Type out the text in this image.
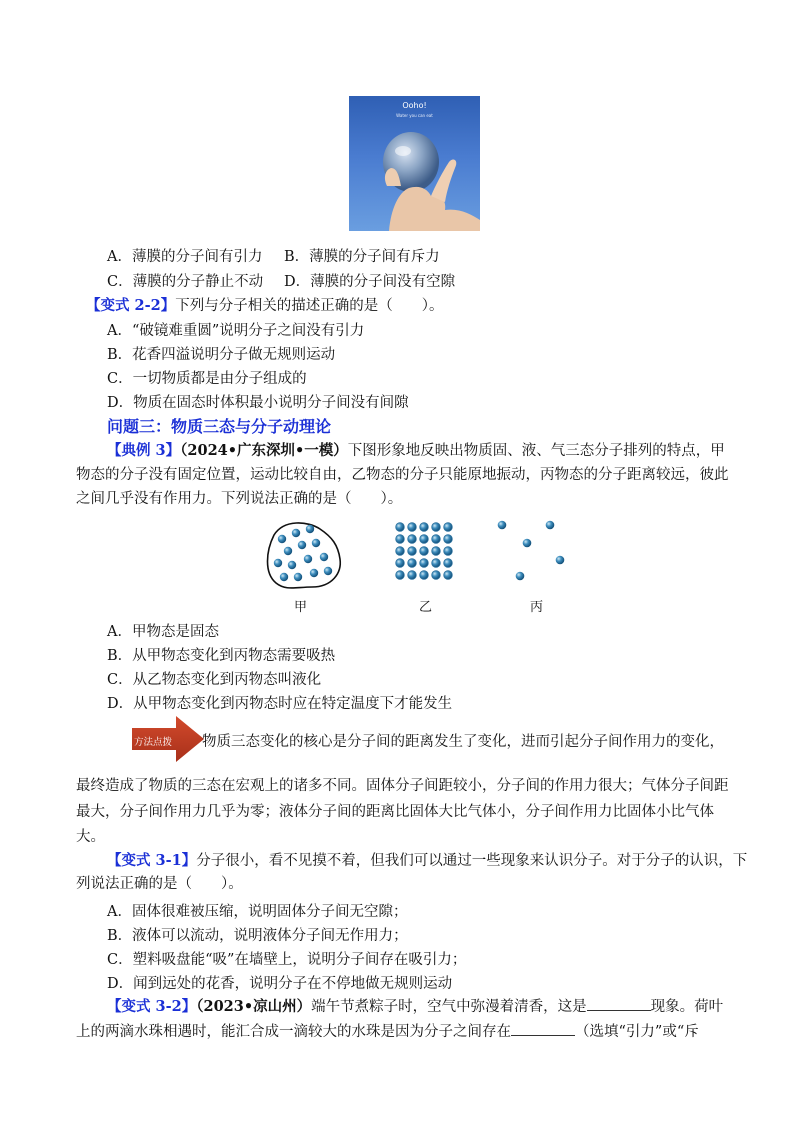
Ooho!
Water you can eat
A．薄膜的分子间有引力 B．薄膜的分子间有斥力
C．薄膜的分子静止不动 D．薄膜的分子间没有空隙
【变式 2-2】下列与分子相关的描述正确的是（　　）。
A．“破镜难重圆”说明分子之间没有引力
B．花香四溢说明分子做无规则运动
C．一切物质都是由分子组成的
D．物质在固态时体积最小说明分子间没有间隙
问题三：物质三态与分子动理论
【典例 3】（2024•广东深圳•一模）下图形象地反映出物质固、液、气三态分子排列的特点，甲
物态的分子没有固定位置，运动比较自由，乙物态的分子只能原地振动，丙物态的分子距离较远，彼此
之间几乎没有作用力。下列说法正确的是（　　）。
甲	乙	丙
A．甲物态是固态
B．从甲物态变化到丙物态需要吸热
C．从乙物态变化到丙物态叫液化
D．从甲物态变化到丙物态时应在特定温度下才能发生
方法点拨 物质三态变化的核心是分子间的距离发生了变化，进而引起分子间作用力的变化，
最终造成了物质的三态在宏观上的诸多不同。固体分子间距较小，分子间的作用力很大；气体分子间距
最大，分子间作用力几乎为零；液体分子间的距离比固体大比气体小，分子间作用力比固体小比气体
大。
【变式 3-1】分子很小，看不见摸不着，但我们可以通过一些现象来认识分子。对于分子的认识，下
列说法正确的是（　　）。
A．固体很难被压缩，说明固体分子间无空隙；
B．液体可以流动，说明液体分子间无作用力；
C．塑料吸盘能“吸”在墙壁上，说明分子间存在吸引力；
D．闻到远处的花香，说明分子在不停地做无规则运动
【变式 3-2】（2023•凉山州）端午节煮粽子时，空气中弥漫着清香，这是	现象。荷叶
上的两滴水珠相遇时，能汇合成一滴较大的水珠是因为分子之间存在	（选填“引力”或“斥
